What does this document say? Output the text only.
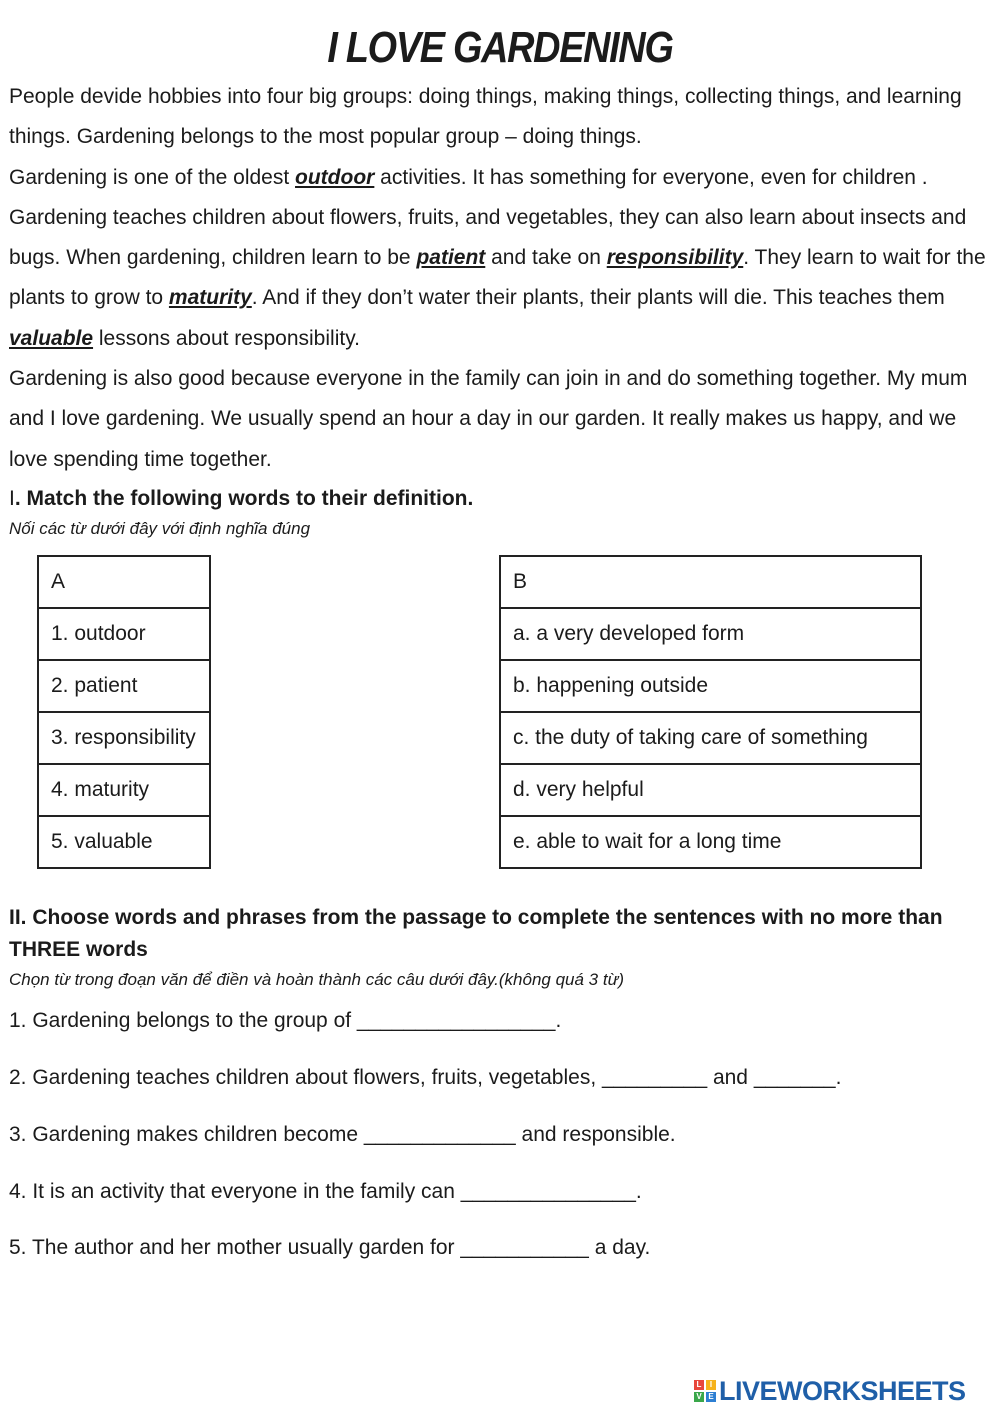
I LOVE GARDENING

People devide hobbies into four big groups: doing things, making things, collecting things, and learning things. Gardening belongs to the most popular group – doing things.

Gardening is one of the oldest outdoor activities. It has something for everyone, even for children . Gardening teaches children about flowers, fruits, and vegetables, they can also learn about insects and bugs. When gardening, children learn to be patient and take on responsibility. They learn to wait for the plants to grow to maturity. And if they don’t water their plants, their plants will die. This teaches them valuable lessons about responsibility.

Gardening is also good because everyone in the family can join in and do something together. My mum and I love gardening. We usually spend an hour a day in our garden. It really makes us happy, and we love spending time together.

I. Match the following words to their definition.
Nối các từ dưới đây với định nghĩa đúng
A
1. outdoor
2. patient
3. responsibility
4. maturity
5. valuable
B
a. a very developed form
b. happening outside
c. the duty of taking care of something
d. very helpful
e. able to wait for a long time
II. Choose words and phrases from the passage to complete the sentences with no more than THREE words
Chọn từ trong đoạn văn để điền và hoàn thành các câu dưới đây.(không quá 3 từ)
1. Gardening belongs to the group of _________________.
2. Gardening teaches children about flowers, fruits, vegetables, _________ and _______.
3. Gardening makes children become _____________ and responsible.
4. It is an activity that everyone in the family can _______________.
5. The author and her mother usually garden for ___________ a day.
L	I
V E LIVEWORKSHEETS
